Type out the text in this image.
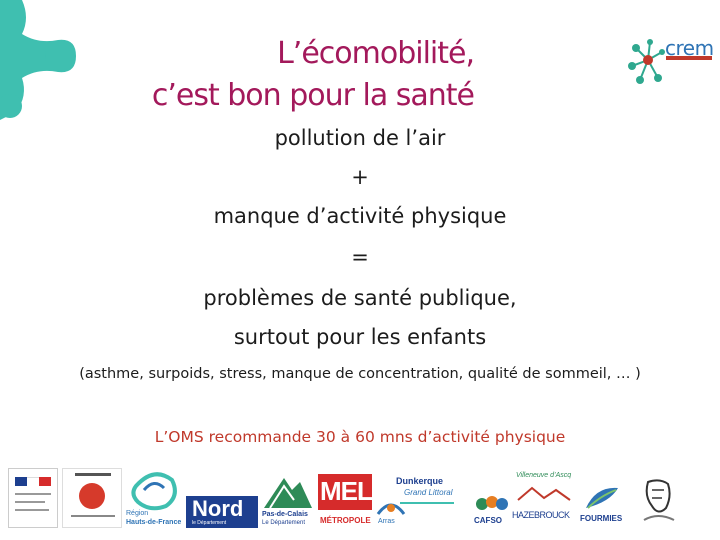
L’écomobilité,
c’est bon pour la santé
crem
pollution de l’air
+
manque d’activité physique
=
problèmes de santé publique,
surtout pour les enfants
(asthme, surpoids, stress, manque de concentration, qualité de sommeil, … )
L’OMS recommande 30 à 60 mns d’activité physique
Région
Hauts-de-France
Nord
le Département
Pas-de-Calais
Le Département
MEL
MÉTROPOLE Arras
Dunkerque
Grand Littoral
CAFSO
Villeneuve d’Ascq
HAZEBROUCK FOURMIES
